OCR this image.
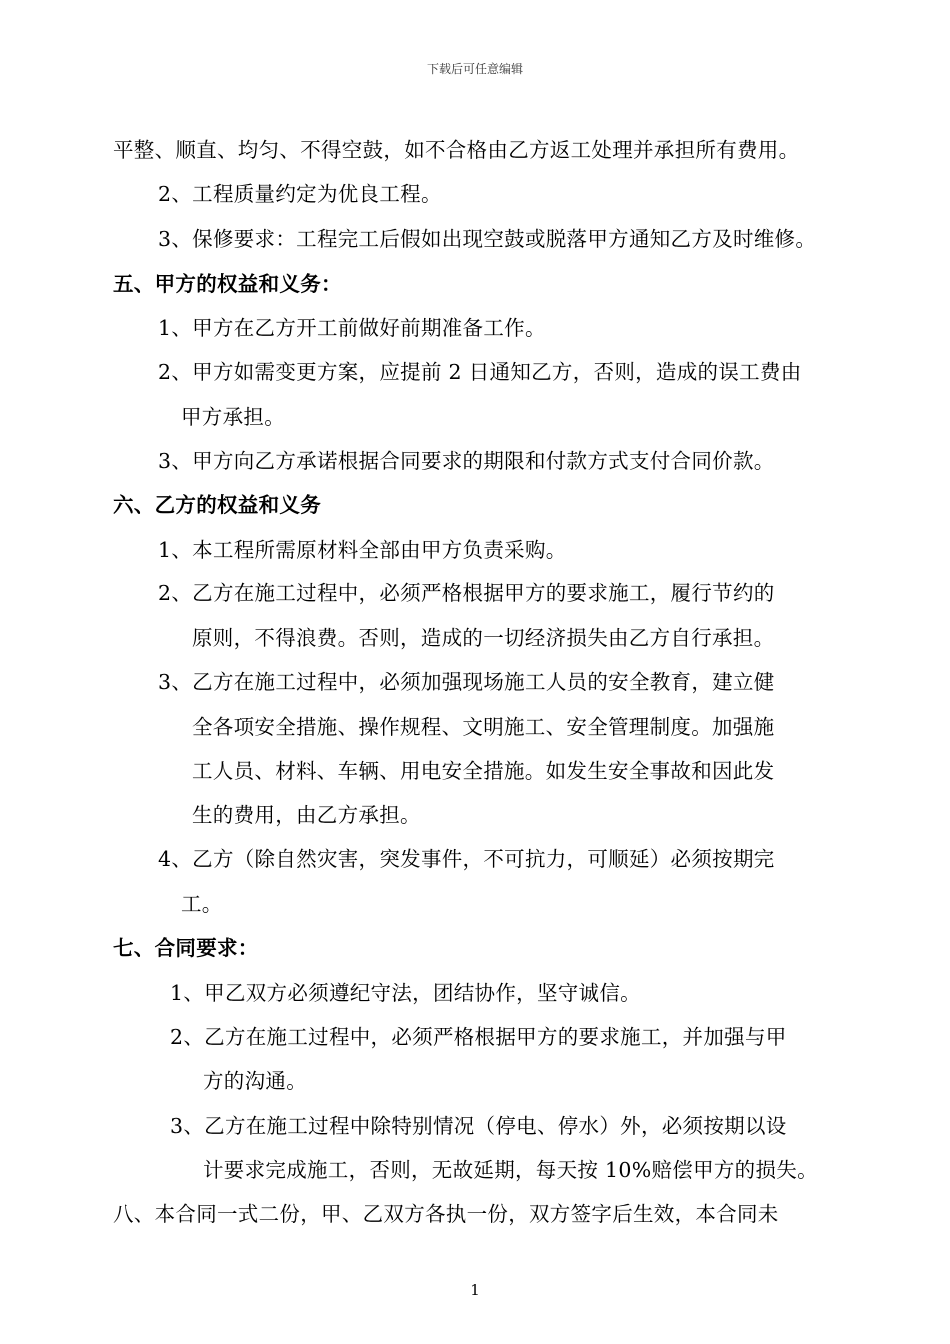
下载后可任意编辑
平整、顺直、均匀、不得空鼓，如不合格由乙方返工处理并承担所有费用。
2、工程质量约定为优良工程。
3、保修要求：工程完工后假如出现空鼓或脱落甲方通知乙方及时维修。
五、甲方的权益和义务：
1、甲方在乙方开工前做好前期准备工作。
2、甲方如需变更方案，应提前 2 日通知乙方，否则，造成的误工费由
甲方承担。
3、甲方向乙方承诺根据合同要求的期限和付款方式支付合同价款。
六、乙方的权益和义务
1、本工程所需原材料全部由甲方负责采购。
2、乙方在施工过程中，必须严格根据甲方的要求施工，履行节约的
原则，不得浪费。否则，造成的一切经济损失由乙方自行承担。
3、乙方在施工过程中，必须加强现场施工人员的安全教育，建立健
全各项安全措施、操作规程、文明施工、安全管理制度。加强施
工人员、材料、车辆、用电安全措施。如发生安全事故和因此发
生的费用，由乙方承担。
4、乙方（除自然灾害，突发事件，不可抗力，可顺延）必须按期完
工。
七、合同要求：
1、甲乙双方必须遵纪守法，团结协作，坚守诚信。
2、乙方在施工过程中，必须严格根据甲方的要求施工，并加强与甲
方的沟通。
3、乙方在施工过程中除特别情况（停电、停水）外，必须按期以设
计要求完成施工，否则，无故延期，每天按 10%赔偿甲方的损失。
八、本合同一式二份，甲、乙双方各执一份，双方签字后生效，本合同未
1
